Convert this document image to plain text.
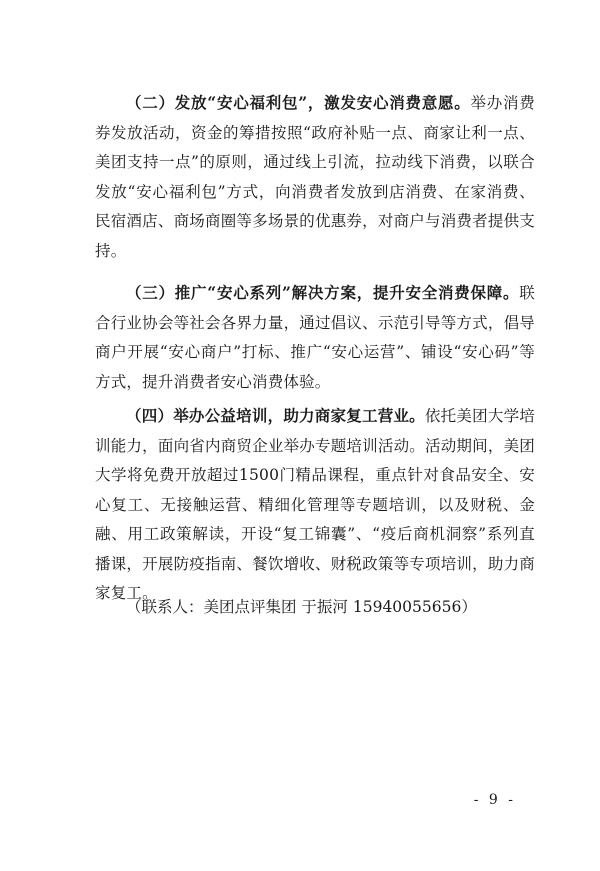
（二）发放“安心福利包”，激发安心消费意愿。举办消费券发放活动，资金的筹措按照“政府补贴一点、商家让利一点、美团支持一点”的原则，通过线上引流，拉动线下消费，以联合发放“安心福利包”方式，向消费者发放到店消费、在家消费、民宿酒店、商场商圈等多场景的优惠券，对商户与消费者提供支持。

（三）推广“安心系列”解决方案，提升安全消费保障。联合行业协会等社会各界力量，通过倡议、示范引导等方式，倡导商户开展“安心商户”打标、推广“安心运营”、铺设“安心码”等方式，提升消费者安心消费体验。

（四）举办公益培训，助力商家复工营业。依托美团大学培训能力，面向省内商贸企业举办专题培训活动。活动期间，美团大学将免费开放超过1500门精品课程，重点针对食品安全、安心复工、无接触运营、精细化管理等专题培训，以及财税、金融、用工政策解读，开设“复工锦囊”、“疫后商机洞察”系列直播课，开展防疫指南、餐饮增收、财税政策等专项培训，助力商家复工。

（联系人：美团点评集团 于振河 15940055656）

- 9 -
